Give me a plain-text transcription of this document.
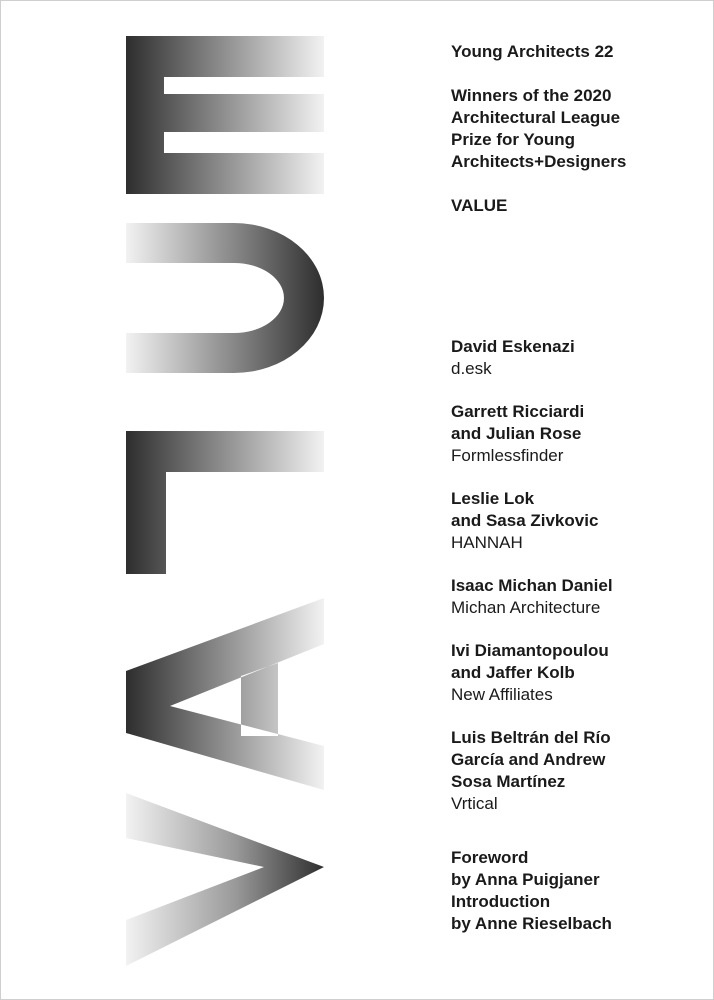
Young Architects 22
Winners of the 2020
Architectural League
Prize for Young
Architects+Designers
VALUE
David Eskenazi
d.esk
Garrett Ricciardi
and Julian Rose
Formlessfinder
Leslie Lok
and Sasa Zivkovic
HANNAH
Isaac Michan Daniel
Michan Architecture
Ivi Diamantopoulou
and Jaffer Kolb
New Affiliates
Luis Beltrán del Río
García and Andrew
Sosa Martínez
Vrtical
Foreword
by Anna Puigjaner
Introduction
by Anne Rieselbach
